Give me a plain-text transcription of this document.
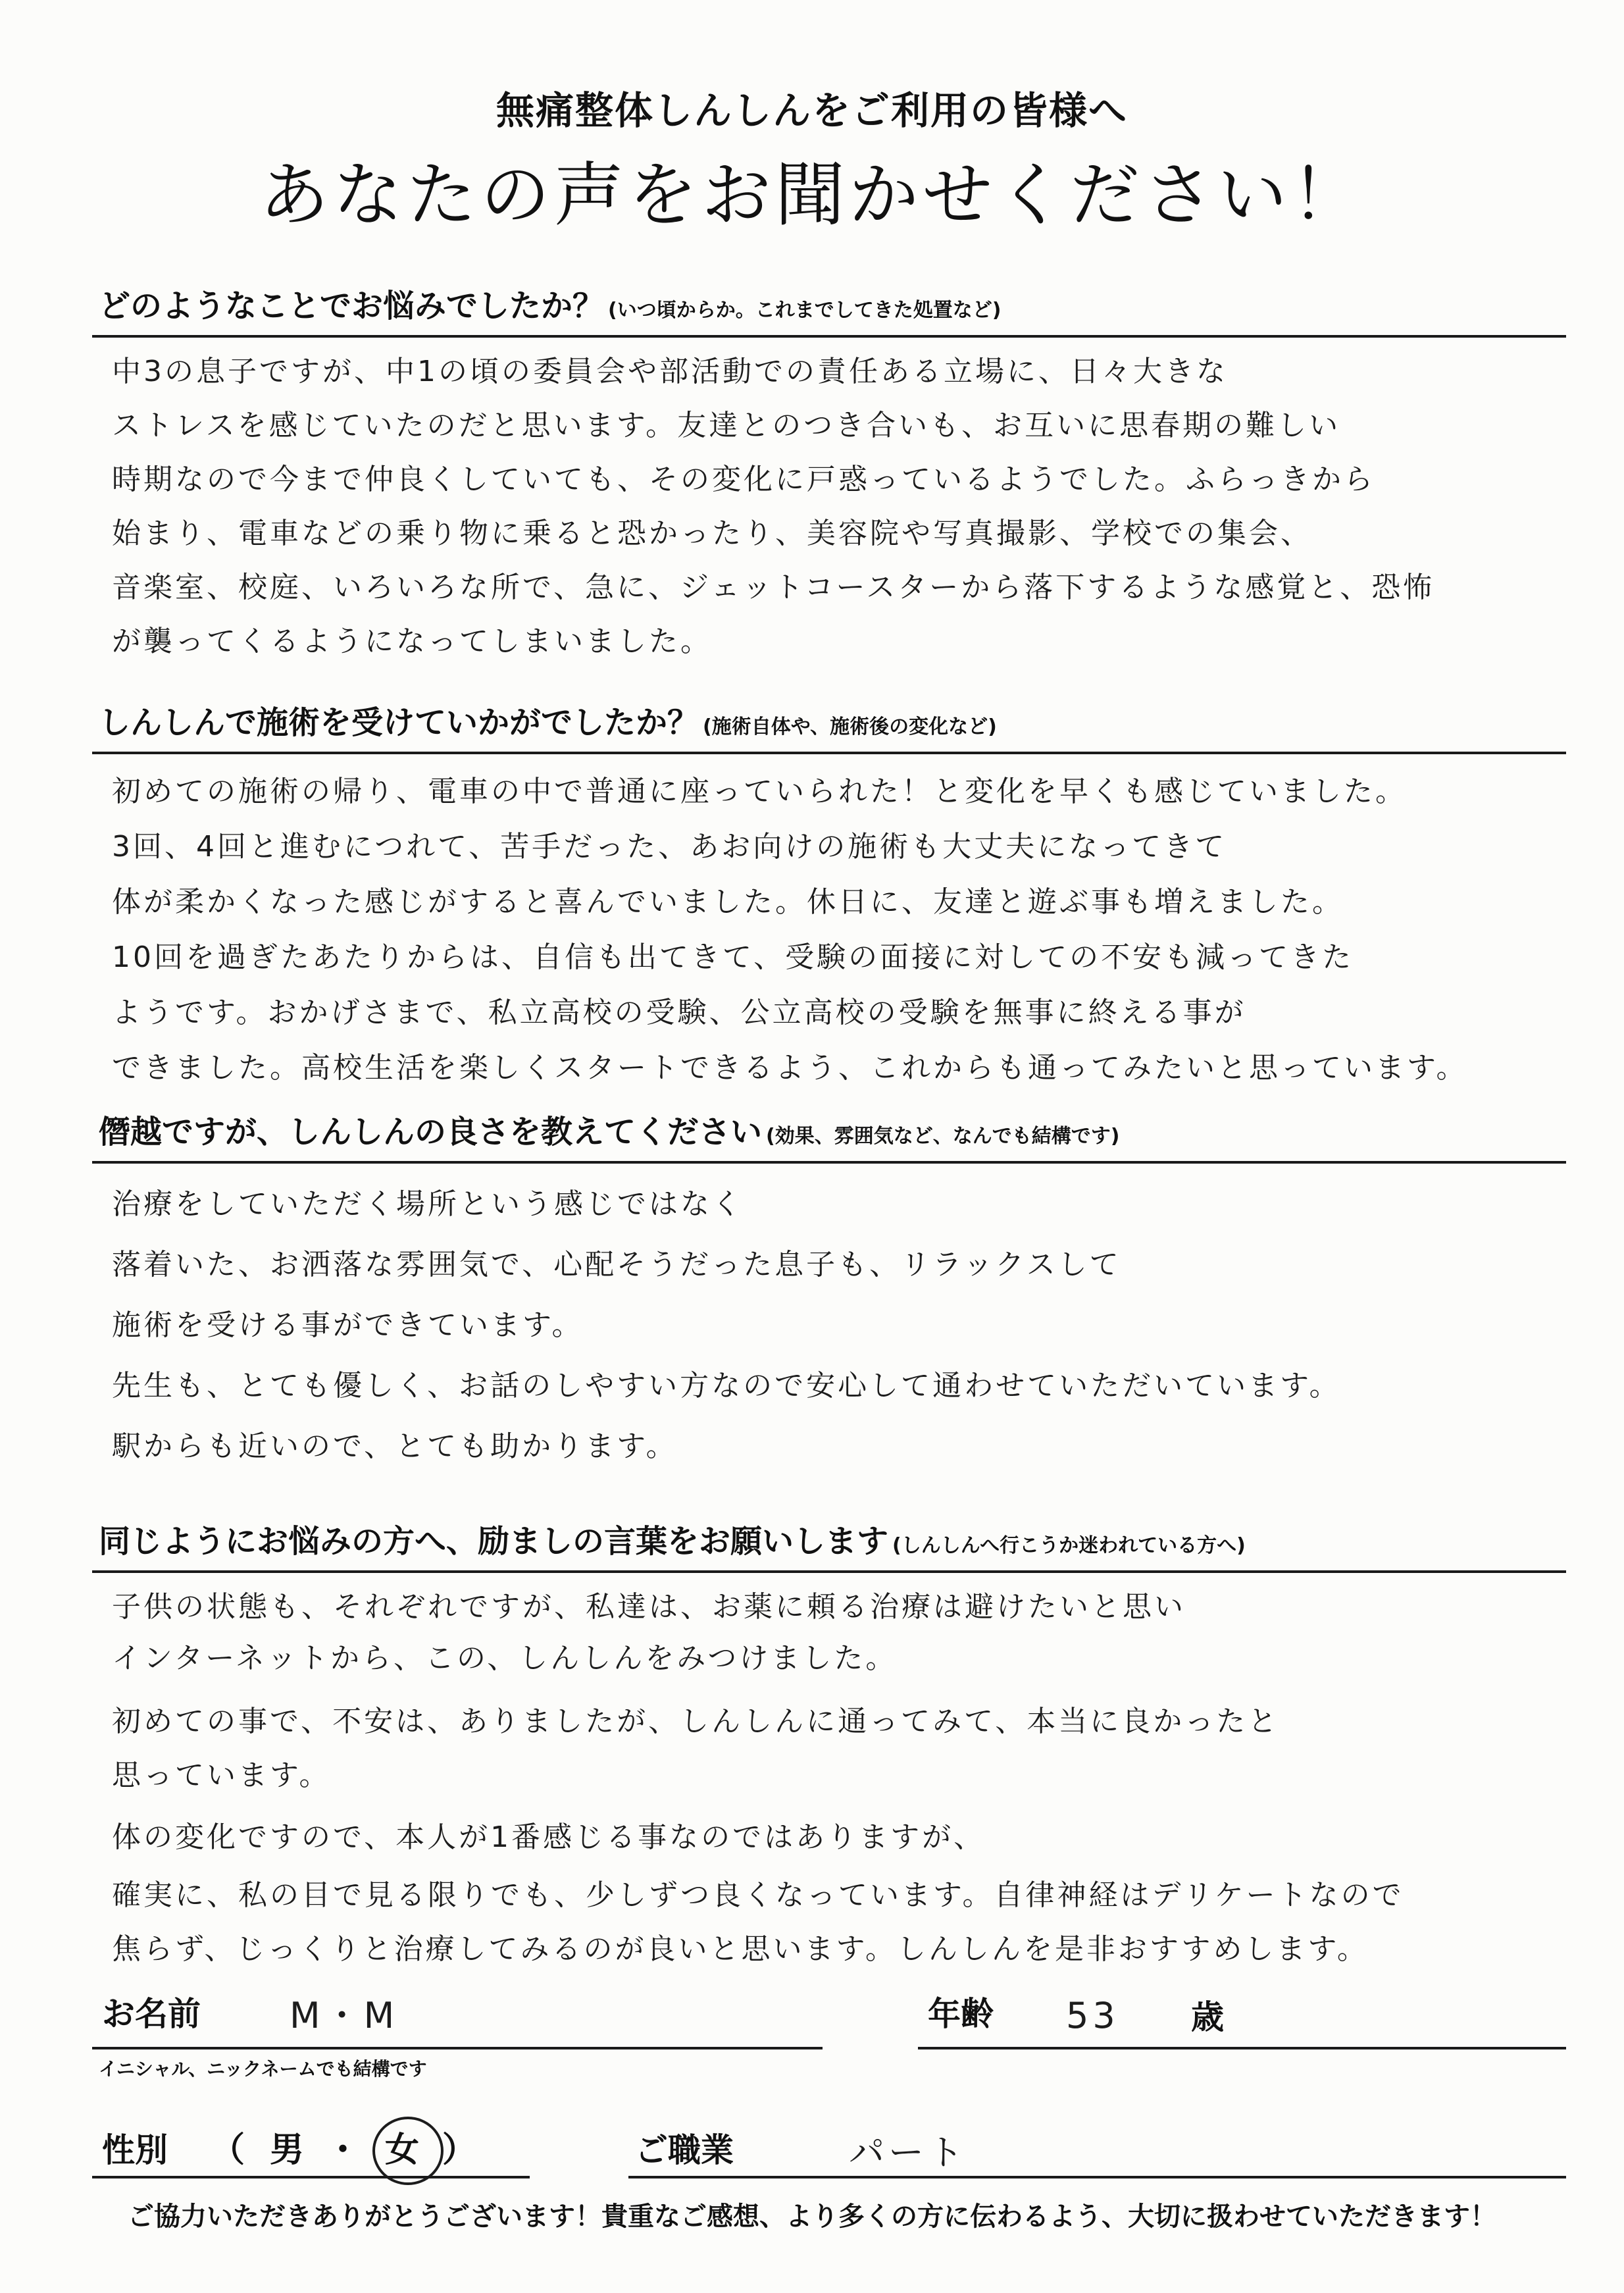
無痛整体しんしんをご利用の皆様へ
あなたの声をお聞かせください！
どのようなことでお悩みでしたか？ (いつ頃からか。これまでしてきた処置など)
中3の息子ですが、中1の頃の委員会や部活動での責任ある立場に、日々大きな
ストレスを感じていたのだと思います。友達とのつき合いも、お互いに思春期の難しい
時期なので今まで仲良くしていても、その変化に戸惑っているようでした。ふらっきから
始まり、電車などの乗り物に乗ると恐かったり、美容院や写真撮影、学校での集会、
音楽室、校庭、いろいろな所で、急に、ジェットコースターから落下するような感覚と、恐怖
が襲ってくるようになってしまいました。
しんしんで施術を受けていかがでしたか？ (施術自体や、施術後の変化など)
初めての施術の帰り、電車の中で普通に座っていられた！と変化を早くも感じていました。
3回、4回と進むにつれて、苦手だった、あお向けの施術も大丈夫になってきて
体が柔かくなった感じがすると喜んでいました。休日に、友達と遊ぶ事も増えました。
10回を過ぎたあたりからは、自信も出てきて、受験の面接に対しての不安も減ってきた
ようです。おかげさまで、私立高校の受験、公立高校の受験を無事に終える事が
できました。高校生活を楽しくスタートできるよう、これからも通ってみたいと思っています。
僭越ですが、しんしんの良さを教えてください (効果、雰囲気など、なんでも結構です)
治療をしていただく場所という感じではなく
落着いた、お洒落な雰囲気で、心配そうだった息子も、リラックスして
施術を受ける事ができています。
先生も、とても優しく、お話のしやすい方なので安心して通わせていただいています。
駅からも近いので、とても助かります。
同じようにお悩みの方へ、励ましの言葉をお願いします (しんしんへ行こうか迷われている方へ)
子供の状態も、それぞれですが、私達は、お薬に頼る治療は避けたいと思い
インターネットから、この、しんしんをみつけました。
初めての事で、不安は、ありましたが、しんしんに通ってみて、本当に良かったと
思っています。
体の変化ですので、本人が1番感じる事なのではありますが、
確実に、私の目で見る限りでも、少しずつ良くなっています。自律神経はデリケートなので
焦らず、じっくりと治療してみるのが良いと思います。しんしんを是非おすすめします。
お名前	M・M	年齢 53 歳
イニシャル、ニックネームでも結構です
性別 （ 男 ・ 女 ）	ご職業	パート
ご協力いただきありがとうございます！貴重なご感想、より多くの方に伝わるよう、大切に扱わせていただきます！
